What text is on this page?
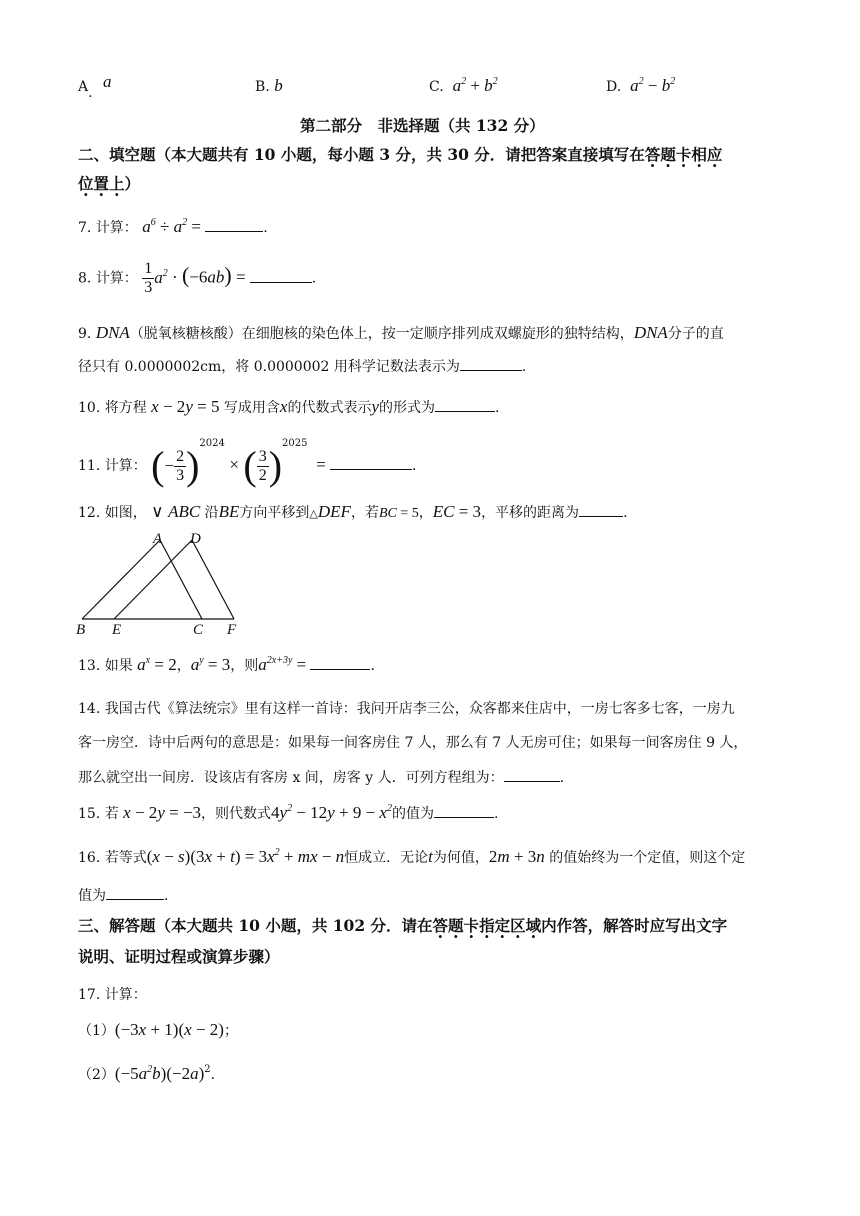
A. a	B. b	C. $a^2 + b^2$	D. $a^2 - b^2$
第二部分　非选择题（共 132 分）
二、填空题（本大题共有 10 小题，每小题 3 分，共 30 分．请把答案直接填写在答题卡相应
位置上）
7. 计算： $a^6 \div a^2$ =	.
8. 计算： $\frac{1}{3} a^2 \cdot (-6ab)$ =	.
9. DNA（脱氧核糖核酸）在细胞核的染色体上，按一定顺序排列成双螺旋形的独特结构，DNA分子的直
径只有 0.0000002cm，将 0.0000002 用科学记数法表示为	.
10. 将方程 x − 2y = 5 写成用含x的代数式表示y的形式为	.
11. 计算： (− $\frac{2}{3} )^{2024}$ × ( $\frac{3}{2} )^{2025}$  =	.
12. 如图， ∨ ABC 沿BE方向平移到△DEF，若BC = 5，EC = 3，平移的距离为	.
A D
B E	C F
13. 如果 $a^x = 2$，$a^y = 3$，则$a^{2x+3y}$ =	.
14. 我国古代《算法统宗》里有这样一首诗：我问开店李三公，众客都来住店中，一房七客多七客，一房九
客一房空．诗中后两句的意思是：如果每一间客房住 7 人，那么有 7 人无房可住；如果每一间客房住 9 人，
那么就空出一间房．设该店有客房 x 间，房客 y 人．可列方程组为：	.
15. 若 x − 2y = −3，则代数式$4y^2 - 12y + 9 - x^2$的值为	.
16. 若等式$(x - s)(3x + t) = 3x^2$ + mx − n恒成立．无论t为何值，2m + 3n 的值始终为一个定值，则这个定
值为	.
三、解答题（本大题共 10 小题，共 102 分．请在答题卡指定区域内作答，解答时应写出文字
说明、证明过程或演算步骤）
17. 计算：
（1）(−3x + 1)(x − 2)；
$(2)(-5a^2b)(-2a)^2$.
